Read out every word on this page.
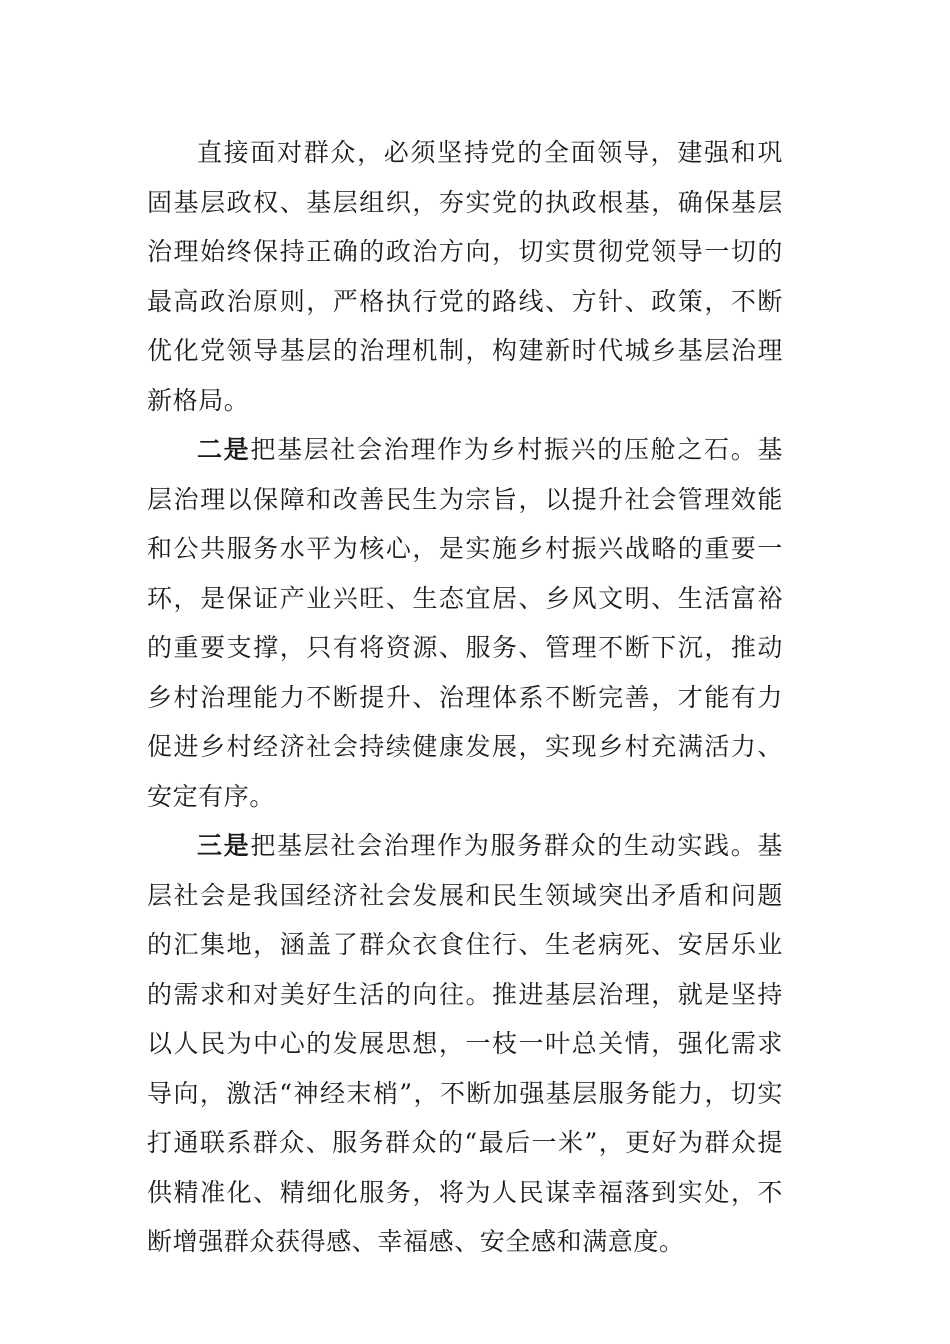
直接面对群众，必须坚持党的全面领导，建强和巩固基层政权、基层组织，夯实党的执政根基，确保基层治理始终保持正确的政治方向，切实贯彻党领导一切的最高政治原则，严格执行党的路线、方针、政策，不断优化党领导基层的治理机制，构建新时代城乡基层治理新格局。

二是把基层社会治理作为乡村振兴的压舱之石。基层治理以保障和改善民生为宗旨，以提升社会管理效能和公共服务水平为核心，是实施乡村振兴战略的重要一环，是保证产业兴旺、生态宜居、乡风文明、生活富裕的重要支撑，只有将资源、服务、管理不断下沉，推动乡村治理能力不断提升、治理体系不断完善，才能有力促进乡村经济社会持续健康发展，实现乡村充满活力、安定有序。

三是把基层社会治理作为服务群众的生动实践。基层社会是我国经济社会发展和民生领域突出矛盾和问题的汇集地，涵盖了群众衣食住行、生老病死、安居乐业的需求和对美好生活的向往。推进基层治理，就是坚持以人民为中心的发展思想，一枝一叶总关情，强化需求导向，激活“神经末梢”，不断加强基层服务能力，切实打通联系群众、服务群众的“最后一米”，更好为群众提供精准化、精细化服务，将为人民谋幸福落到实处，不断增强群众获得感、幸福感、安全感和满意度。
